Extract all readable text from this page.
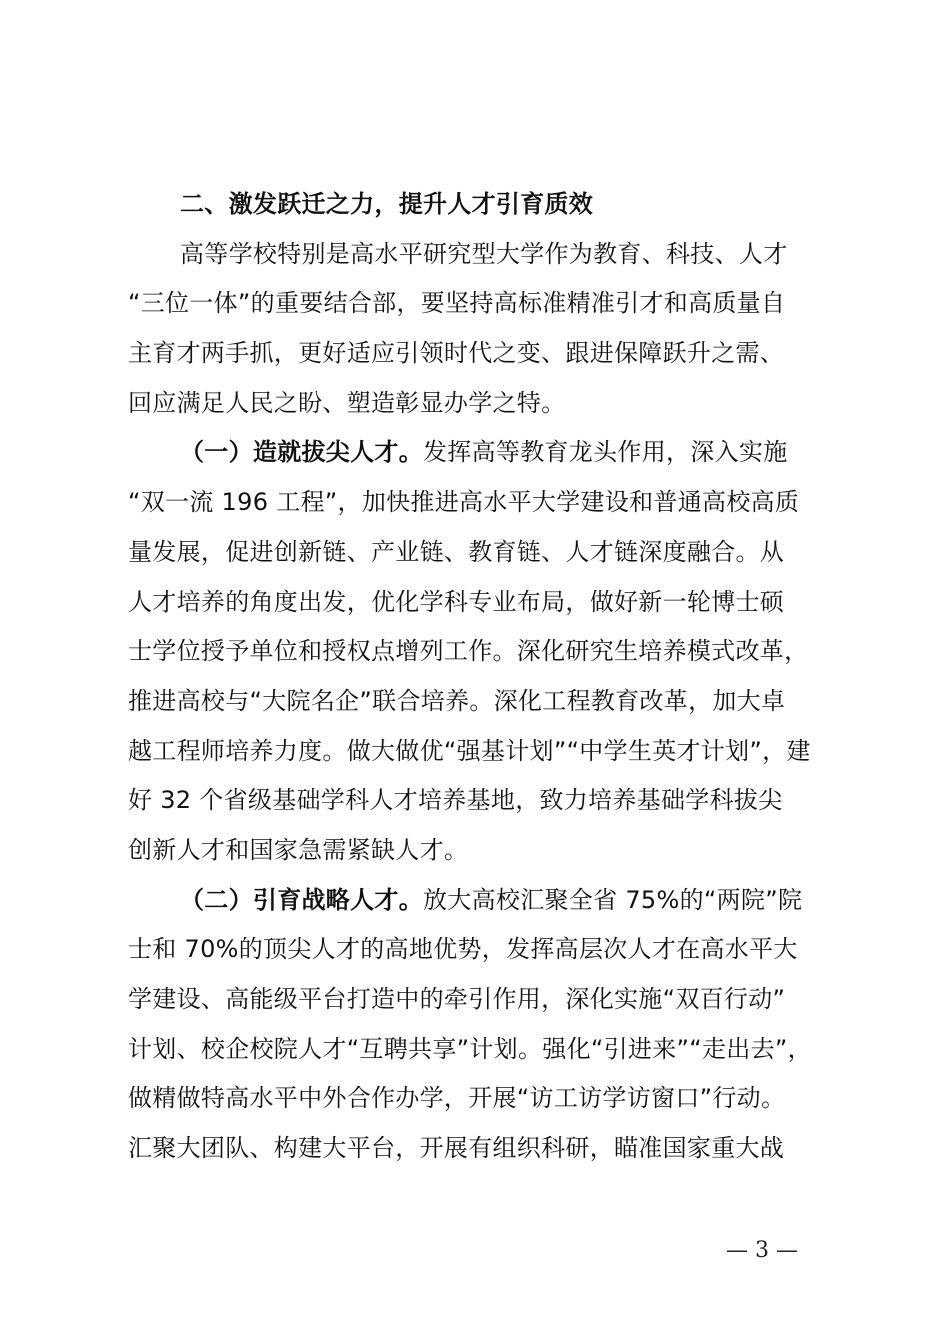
二、激发跃迁之力，提升人才引育质效
高等学校特别是高水平研究型大学作为教育、科技、人才
“三位一体”的重要结合部，要坚持高标准精准引才和高质量自
主育才两手抓，更好适应引领时代之变、跟进保障跃升之需、
回应满足人民之盼、塑造彰显办学之特。
（一）造就拔尖人才。发挥高等教育龙头作用，深入实施
“双一流 196 工程”，加快推进高水平大学建设和普通高校高质
量发展，促进创新链、产业链、教育链、人才链深度融合。从
人才培养的角度出发，优化学科专业布局，做好新一轮博士硕
士学位授予单位和授权点增列工作。深化研究生培养模式改革，
推进高校与“大院名企”联合培养。深化工程教育改革，加大卓
越工程师培养力度。做大做优“强基计划”“中学生英才计划”，建
好 32 个省级基础学科人才培养基地，致力培养基础学科拔尖
创新人才和国家急需紧缺人才。
（二）引育战略人才。放大高校汇聚全省 75%的“两院”院
士和 70%的顶尖人才的高地优势，发挥高层次人才在高水平大
学建设、高能级平台打造中的牵引作用，深化实施“双百行动”
计划、校企校院人才“互聘共享”计划。强化“引进来”“走出去”，
做精做特高水平中外合作办学，开展“访工访学访窗口”行动。
汇聚大团队、构建大平台，开展有组织科研，瞄准国家重大战
— 3 —
